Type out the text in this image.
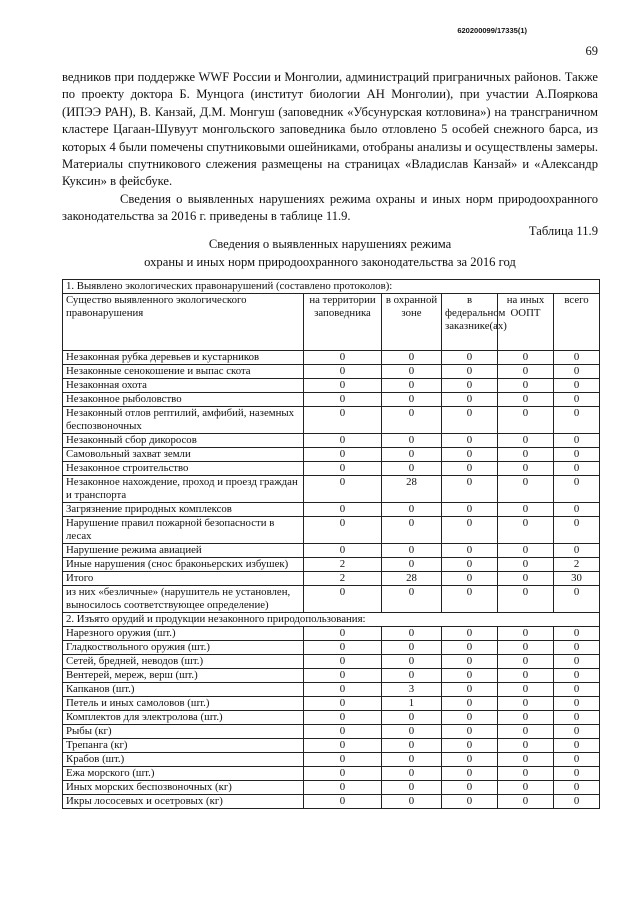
620200099/17335(1)
69

ведников при поддержке WWF России и Монголии, администраций приграничных районов. Также по проекту доктора Б. Мунцога (институт биологии АН Монголии), при участии А.Пояркова (ИПЭЭ РАН), В. Канзай, Д.М. Монгуш (заповедник «Убсунурская котловина») на трансграничном кластере Цагаан-Шувуут монгольского заповедника было отловлено 5 особей снежного барса, из которых 4 были помечены спутниковыми ошейниками, отобраны анализы и осуществлены замеры. Материалы спутникового слежения размещены на страницах «Владислав Канзай» и «Александр Куксин» в фейсбуке.

Сведения о выявленных нарушениях режима охраны и иных норм природоохранного законодательства за 2016 г. приведены в таблице 11.9.

Таблица 11.9
Сведения о выявленных нарушениях режима
охраны и иных норм природоохранного законодательства за 2016 год
1. Выявлено экологических правонарушений (составлено протоколов):					
Существо выявленного экологического правонарушения	на территории заповедника	в охранной зоне	в федеральном заказнике(ах)	на иных ООПТ	всего
Незаконная рубка деревьев и кустарников	0	0	0	0	0
Незаконные сенокошение и выпас скота	0	0	0	0	0
Незаконная охота	0	0	0	0	0
Незаконное рыболовство	0	0	0	0	0
Незаконный отлов рептилий, амфибий, наземных беспозвоночных	0	0	0	0	0
Незаконный сбор дикоросов	0	0	0	0	0
Самовольный захват земли	0	0	0	0	0
Незаконное строительство	0	0	0	0	0
Незаконное нахождение, проход и проезд граждан и транспорта	0	28	0	0	0
Загрязнение природных комплексов	0	0	0	0	0
Нарушение правил пожарной безопасности в лесах	0	0	0	0	0
Нарушение режима авиацией	0	0	0	0	0
Иные нарушения (снос браконьерских избушек)	2	0	0	0	2
Итого	2	28	0	0	30
из них «безличные» (нарушитель не установлен, выносилось соответствующее определение)	0	0	0	0	0
2. Изъято орудий и продукции незаконного природопользования:					
Нарезного оружия (шт.)	0	0	0	0	0
Гладкоствольного оружия (шт.)	0	0	0	0	0
Сетей, бредней, неводов (шт.)	0	0	0	0	0
Вентерей, мереж, верш (шт.)	0	0	0	0	0
Капканов (шт.)	0	3	0	0	0
Петель и иных самоловов (шт.)	0	1	0	0	0
Комплектов для электролова (шт.)	0	0	0	0	0
Рыбы (кг)	0	0	0	0	0
Трепанга (кг)	0	0	0	0	0
Крабов (шт.)	0	0	0	0	0
Ежа морского (шт.)	0	0	0	0	0
Иных морских беспозвоночных (кг)	0	0	0	0	0
Икры лососевых и осетровых (кг)	0	0	0	0	0
